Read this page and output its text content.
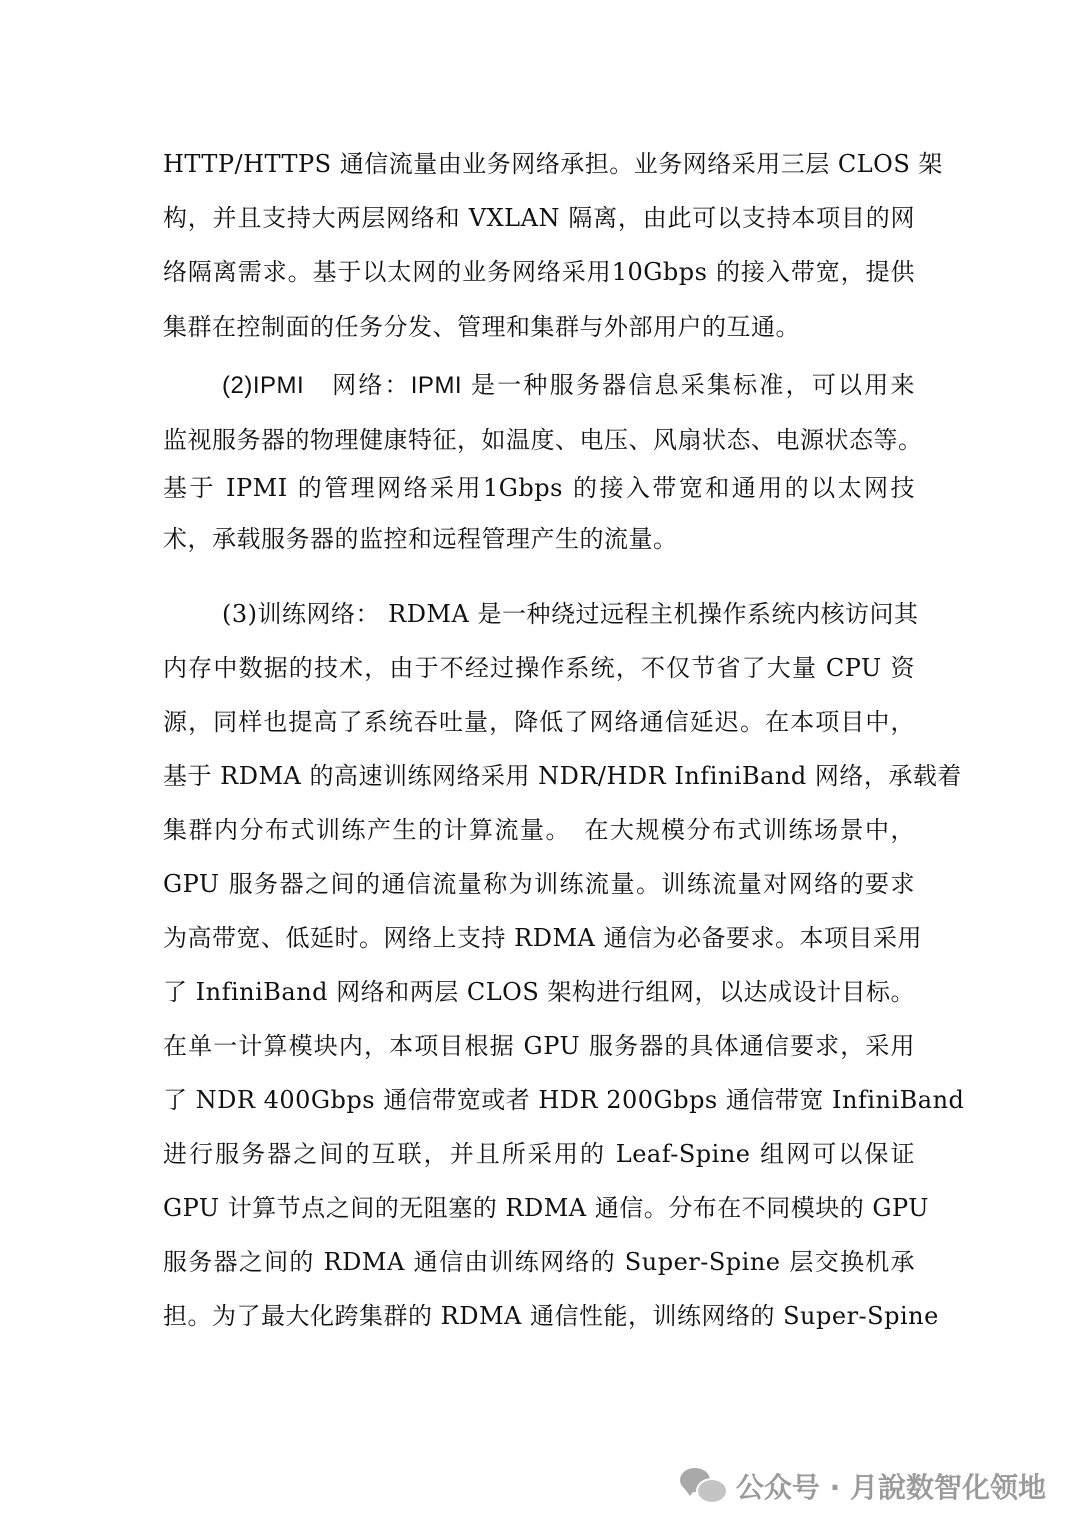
HTTP/HTTPS 通信流量由业务网络承担。业务网络采用三层 CLOS 架
构，并且支持大两层网络和 VXLAN 隔离，由此可以支持本项目的网
络隔离需求。基于以太网的业务网络采用10Gbps 的接入带宽，提供
集群在控制面的任务分发、管理和集群与外部用户的互通。
(2)IPMI　网络：IPMI 是一种服务器信息采集标准，可以用来
监视服务器的物理健康特征，如温度、电压、风扇状态、电源状态等。
基于 IPMI 的管理网络采用1Gbps 的接入带宽和通用的以太网技
术，承载服务器的监控和远程管理产生的流量。
(3)训练网络： RDMA 是一种绕过远程主机操作系统内核访问其
内存中数据的技术，由于不经过操作系统，不仅节省了大量 CPU 资
源，同样也提高了系统吞吐量，降低了网络通信延迟。在本项目中，
基于 RDMA 的高速训练网络采用 NDR/HDR InfiniBand 网络，承载着
集群内分布式训练产生的计算流量。　在大规模分布式训练场景中，
GPU 服务器之间的通信流量称为训练流量。训练流量对网络的要求
为高带宽、低延时。网络上支持 RDMA 通信为必备要求。本项目采用
了 InfiniBand 网络和两层 CLOS 架构进行组网，以达成设计目标。
在单一计算模块内，本项目根据 GPU 服务器的具体通信要求，采用
了 NDR 400Gbps 通信带宽或者 HDR 200Gbps 通信带宽 InfiniBand
进行服务器之间的互联，并且所采用的 Leaf-Spine 组网可以保证
GPU 计算节点之间的无阻塞的 RDMA 通信。分布在不同模块的 GPU
服务器之间的 RDMA 通信由训练网络的 Super-Spine 层交换机承
担。为了最大化跨集群的 RDMA 通信性能，训练网络的 Super-Spine
公众号 · 月說数智化领地
